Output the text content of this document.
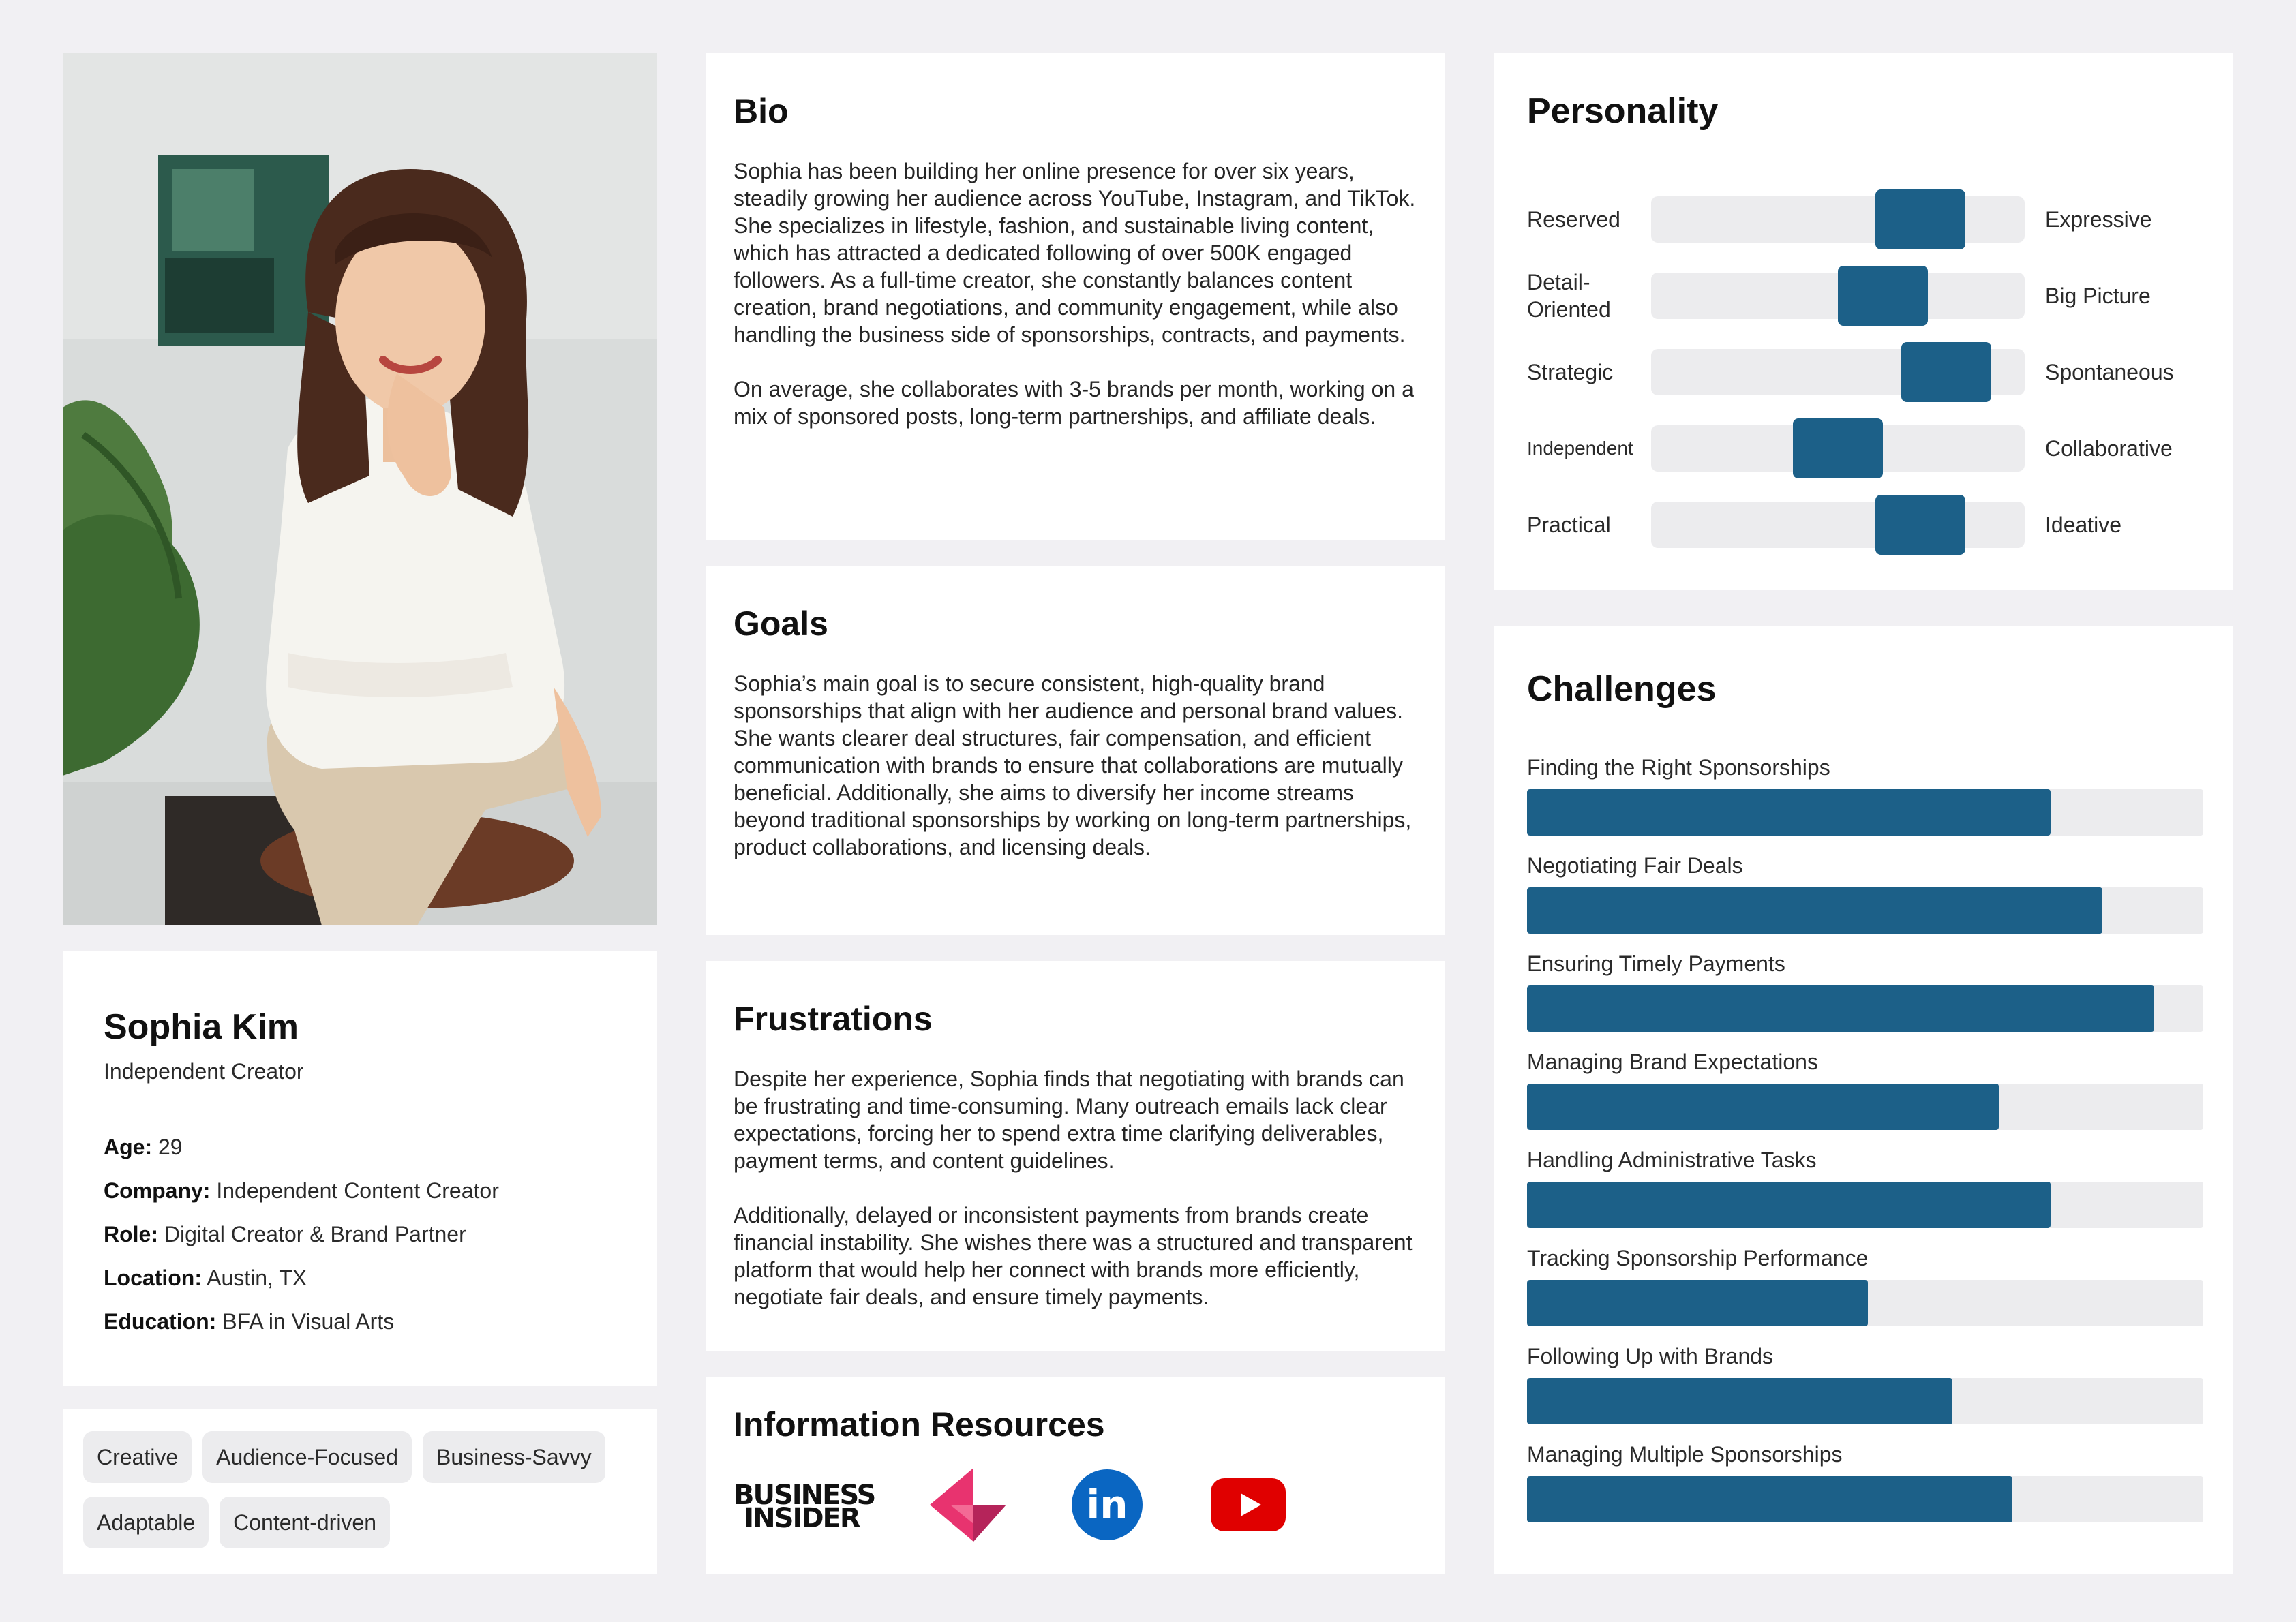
Sophia Kim
Independent Creator
Age: 29
Company: Independent Content Creator
Role: Digital Creator & Brand Partner
Location: Austin, TX
Education: BFA in Visual Arts
Creative	Audience-Focused	Business-Savvy
Adaptable	Content-driven
Bio

Sophia has been building her online presence for over six years, steadily growing her audience across YouTube, Instagram, and TikTok. She specializes in lifestyle, fashion, and sustainable living content, which has attracted a dedicated following of over 500K engaged followers. As a full-time creator, she constantly balances content creation, brand negotiations, and community engagement, while also handling the business side of sponsorships, contracts, and payments.

On average, she collaborates with 3-5 brands per month, working on a mix of sponsored posts, long-term partnerships, and affiliate deals.

Goals

Sophia’s main goal is to secure consistent, high-quality brand sponsorships that align with her audience and personal brand values. She wants clearer deal structures, fair compensation, and efficient communication with brands to ensure that collaborations are mutually beneficial. Additionally, she aims to diversify her income streams beyond traditional sponsorships by working on long-term partnerships, product collaborations, and licensing deals.

Frustrations

Despite her experience, Sophia finds that negotiating with brands can be frustrating and time-consuming. Many outreach emails lack clear expectations, forcing her to spend extra time clarifying deliverables, payment terms, and content guidelines.

Additionally, delayed or inconsistent payments from brands create financial instability. She wishes there was a structured and transparent platform that would help her connect with brands more efficiently, negotiate fair deals, and ensure timely payments.

Information Resources
BUSINESS
INSIDER	in
Personality
Reserved	Expressive
Detail-Oriented
Big Picture
Strategic	Spontaneous
Independent	Collaborative
Practical	Ideative
Challenges
Finding the Right Sponsorships
Negotiating Fair Deals
Ensuring Timely Payments
Managing Brand Expectations
Handling Administrative Tasks
Tracking Sponsorship Performance
Following Up with Brands
Managing Multiple Sponsorships
